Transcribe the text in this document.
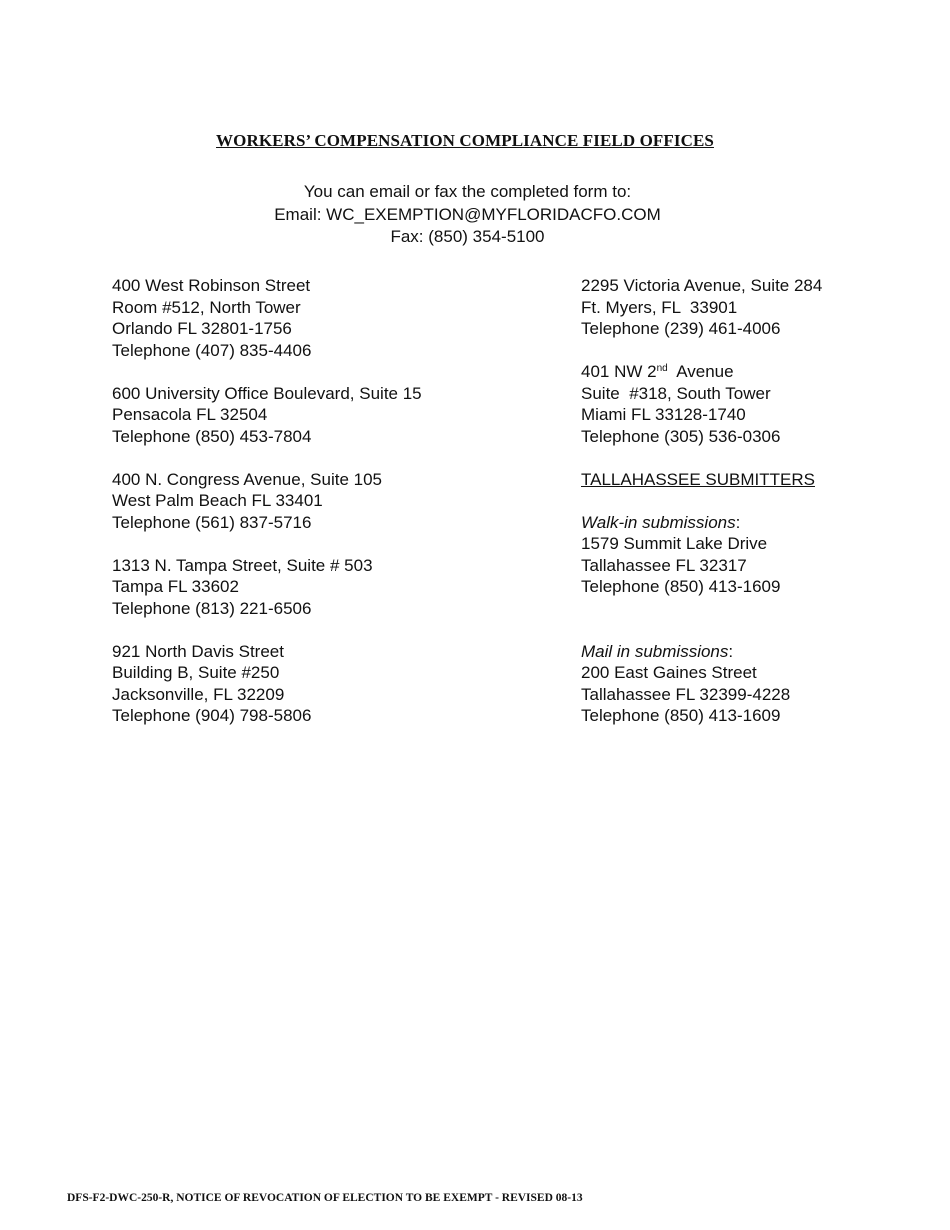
WORKERS’ COMPENSATION COMPLIANCE FIELD OFFICES
You can email or fax the completed form to:
Email: WC_EXEMPTION@MYFLORIDACFO.COM
Fax: (850) 354-5100
400 West Robinson Street
Room #512, North Tower
Orlando FL 32801-1756
Telephone (407) 835-4406
600 University Office Boulevard, Suite 15
Pensacola FL 32504
Telephone (850) 453-7804
400 N. Congress Avenue, Suite 105
West Palm Beach FL 33401
Telephone (561) 837-5716
1313 N. Tampa Street, Suite # 503
Tampa FL 33602
Telephone (813) 221-6506
921 North Davis Street
Building B, Suite #250
Jacksonville, FL 32209
Telephone (904) 798-5806
2295 Victoria Avenue, Suite 284
Ft. Myers, FL  33901
Telephone (239) 461-4006
401 NW 2nd  Avenue
Suite  #318, South Tower
Miami FL 33128-1740
Telephone (305) 536-0306
TALLAHASSEE SUBMITTERS
Walk-in submissions:
1579 Summit Lake Drive
Tallahassee FL 32317
Telephone (850) 413-1609
Mail in submissions:
200 East Gaines Street
Tallahassee FL 32399-4228
Telephone (850) 413-1609
DFS-F2-DWC-250-R, NOTICE OF REVOCATION OF ELECTION TO BE EXEMPT - REVISED 08-13
